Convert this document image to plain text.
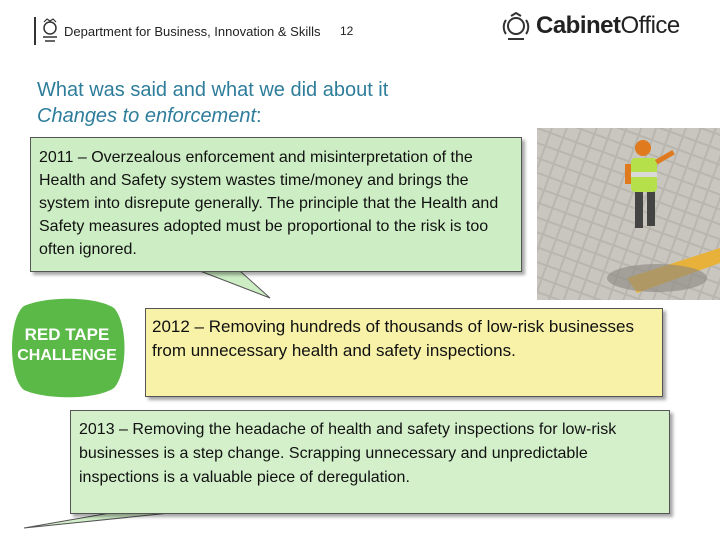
Department for Business, Innovation & Skills 12	CabinetOffice
What was said and what we did about it
Changes to enforcement:
RED TAPE
CHALLENGE
2011 – Overzealous enforcement and misinterpretation of the Health and Safety system wastes time/money and brings the system into disrepute generally. The principle that the Health and Safety measures adopted must be proportional to the risk is too often ignored.
2012 – Removing hundreds of thousands of low-risk businesses from unnecessary health and safety inspections.
2013 – Removing the headache of health and safety inspections for low-risk businesses is a step change. Scrapping unnecessary and unpredictable inspections is a valuable piece of deregulation.
